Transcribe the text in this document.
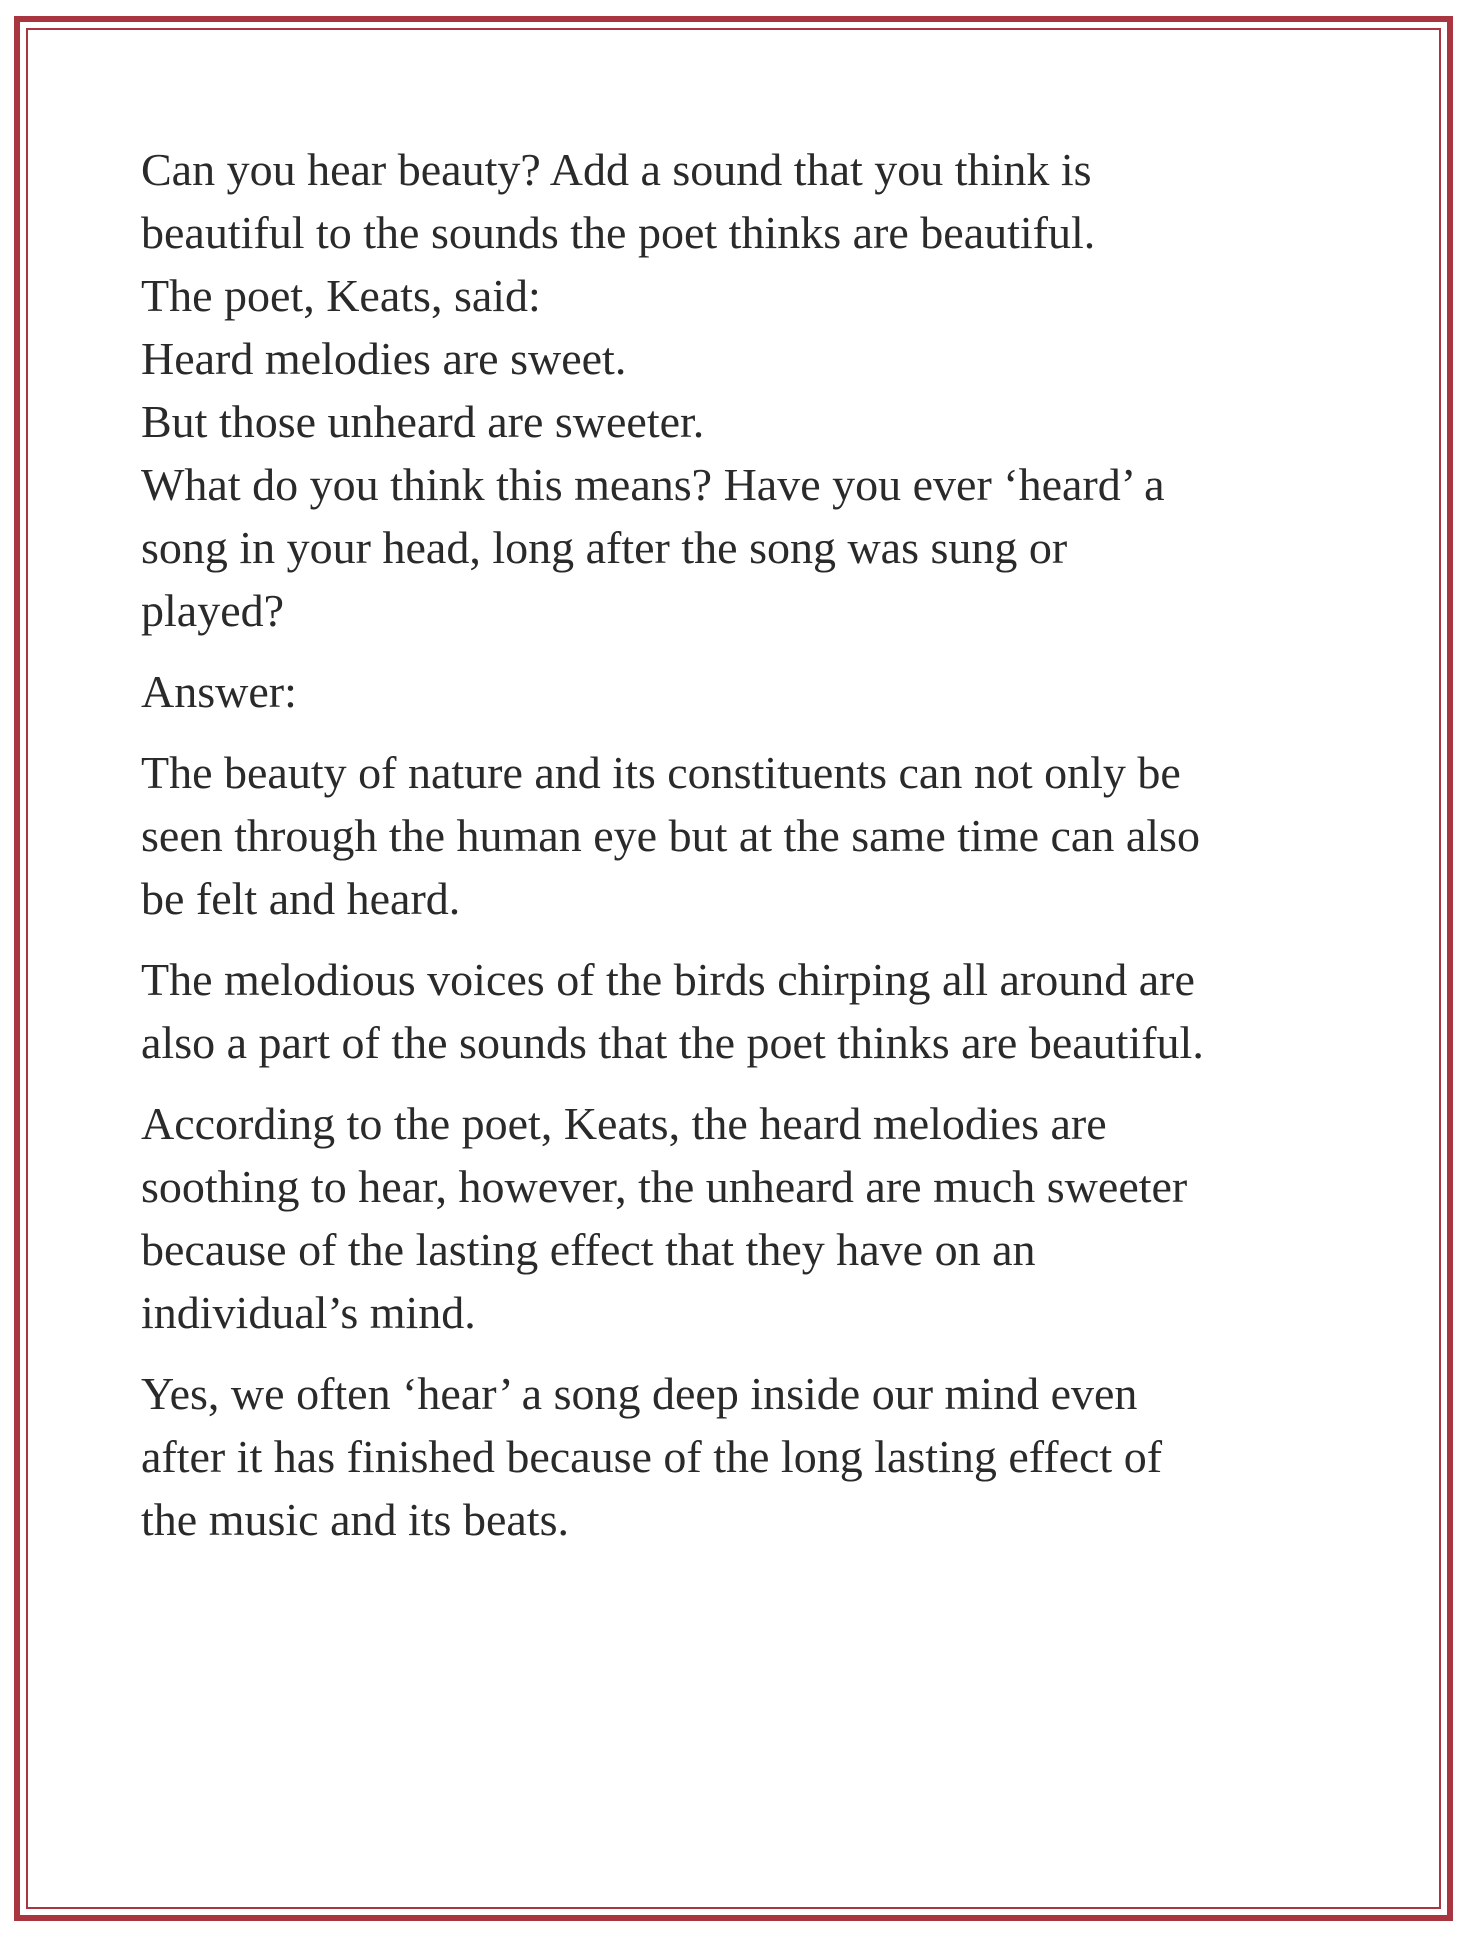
Can you hear beauty? Add a sound that you think is

beautiful to the sounds the poet thinks are beautiful.

The poet, Keats, said:

Heard melodies are sweet.

But those unheard are sweeter.

What do you think this means? Have you ever ‘heard’ a

song in your head, long after the song was sung or

played?

Answer:

The beauty of nature and its constituents can not only be

seen through the human eye but at the same time can also

be felt and heard.

The melodious voices of the birds chirping all around are

also a part of the sounds that the poet thinks are beautiful.

According to the poet, Keats, the heard melodies are

soothing to hear, however, the unheard are much sweeter

because of the lasting effect that they have on an

individual’s mind.

Yes, we often ‘hear’ a song deep inside our mind even

after it has finished because of the long lasting effect of

the music and its beats.
